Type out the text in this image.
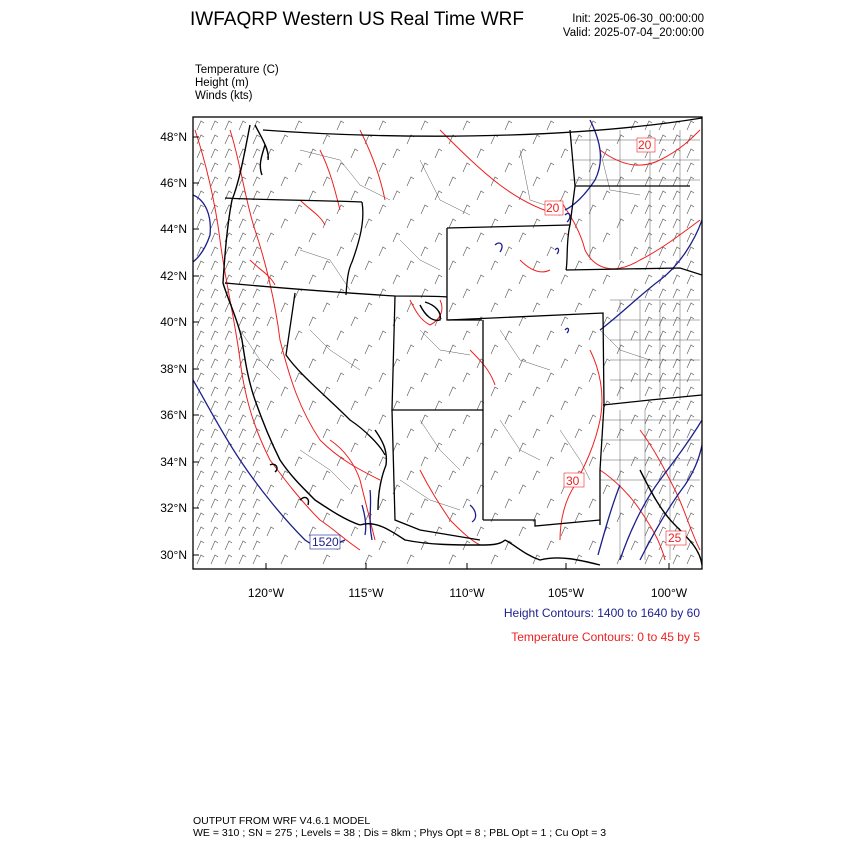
IWFAQRP Western US Real Time WRF	Init: 2025-06-30_00:00:00
Valid: 2025-07-04_20:00:00
Temperature (C)
Height (m)
Winds (kts)
48°N
46°N
44°N
42°N
40°N
38°N
36°N
34°N
32°N
30°N
120°W	115°W	110°W	105°W	100°W
1520
20
20
30
25
Height Contours: 1400 to 1640 by 60
Temperature Contours: 0 to 45 by 5
OUTPUT FROM WRF V4.6.1 MODEL
WE = 310 ; SN = 275 ; Levels = 38 ; Dis = 8km ; Phys Opt = 8 ; PBL Opt = 1 ; Cu Opt = 3
